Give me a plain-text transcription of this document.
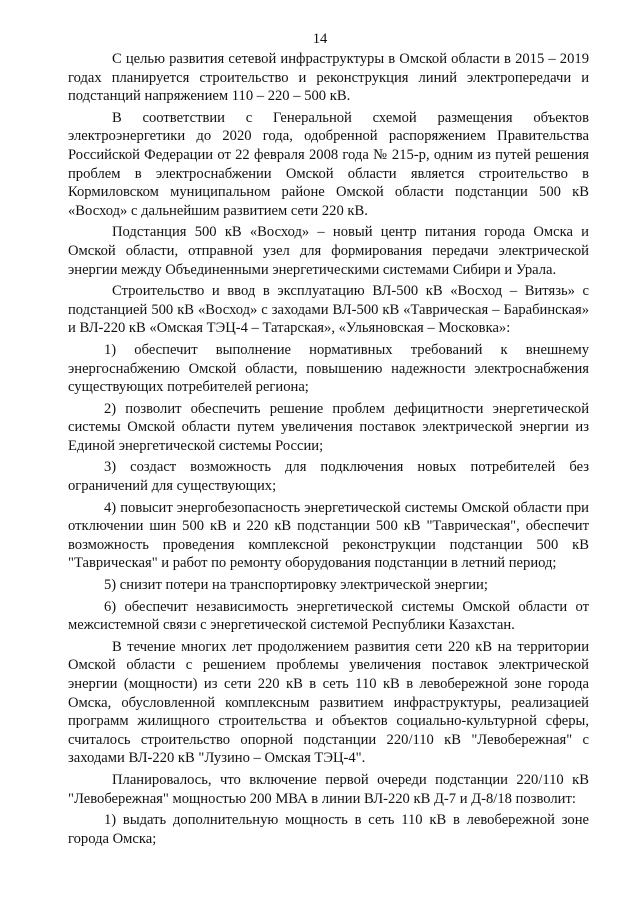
14

С целью развития сетевой инфраструктуры в Омской области в 2015 – 2019 годах планируется строительство и реконструкция линий электропередачи и подстанций напряжением 110 – 220 – 500 кВ.

В соответствии с Генеральной схемой размещения объектов электроэнергетики до 2020 года, одобренной распоряжением Правительства Российской Федерации от 22 февраля 2008 года № 215-р, одним из путей решения проблем в электроснабжении Омской области является строительство в Кормиловском муниципальном районе Омской области подстанции 500 кВ «Восход» с дальнейшим развитием сети 220 кВ.

Подстанция 500 кВ «Восход» – новый центр питания города Омска и Омской области, отправной узел для формирования передачи электрической энергии между Объединенными энергетическими системами Сибири и Урала.

Строительство и ввод в эксплуатацию ВЛ-500 кВ «Восход – Витязь» с подстанцией 500 кВ «Восход» с заходами ВЛ-500 кВ «Таврическая – Барабинская» и ВЛ-220 кВ «Омская ТЭЦ-4 – Татарская», «Ульяновская – Московка»:

1) обеспечит выполнение нормативных требований к внешнему энергоснабжению Омской области, повышению надежности электроснабжения существующих потребителей региона;

2) позволит обеспечить решение проблем дефицитности энергетической системы Омской области путем увеличения поставок электрической энергии из Единой энергетической системы России;

3) создаст возможность для подключения новых потребителей без ограничений для существующих;

4) повысит энергобезопасность энергетической системы Омской области при отключении шин 500 кВ и 220 кВ подстанции 500 кВ "Таврическая", обеспечит возможность проведения комплексной реконструкции подстанции 500 кВ "Таврическая" и работ по ремонту оборудования подстанции в летний период;

5) снизит потери на транспортировку электрической энергии;

6) обеспечит независимость энергетической системы Омской области от межсистемной связи с энергетической системой Республики Казахстан.

В течение многих лет продолжением развития сети 220 кВ на территории Омской области с решением проблемы увеличения поставок электрической энергии (мощности) из сети 220 кВ в сеть 110 кВ в левобережной зоне города Омска, обусловленной комплексным развитием инфраструктуры, реализацией программ жилищного строительства и объектов социально-культурной сферы, считалось строительство опорной подстанции 220/110 кВ "Левобережная" с заходами ВЛ-220 кВ "Лузино – Омская ТЭЦ-4".

Планировалось, что включение первой очереди подстанции 220/110 кВ "Левобережная" мощностью 200 МВА в линии ВЛ-220 кВ Д-7 и Д-8/18 позволит:

1) выдать дополнительную мощность в сеть 110 кВ в левобережной зоне города Омска;
